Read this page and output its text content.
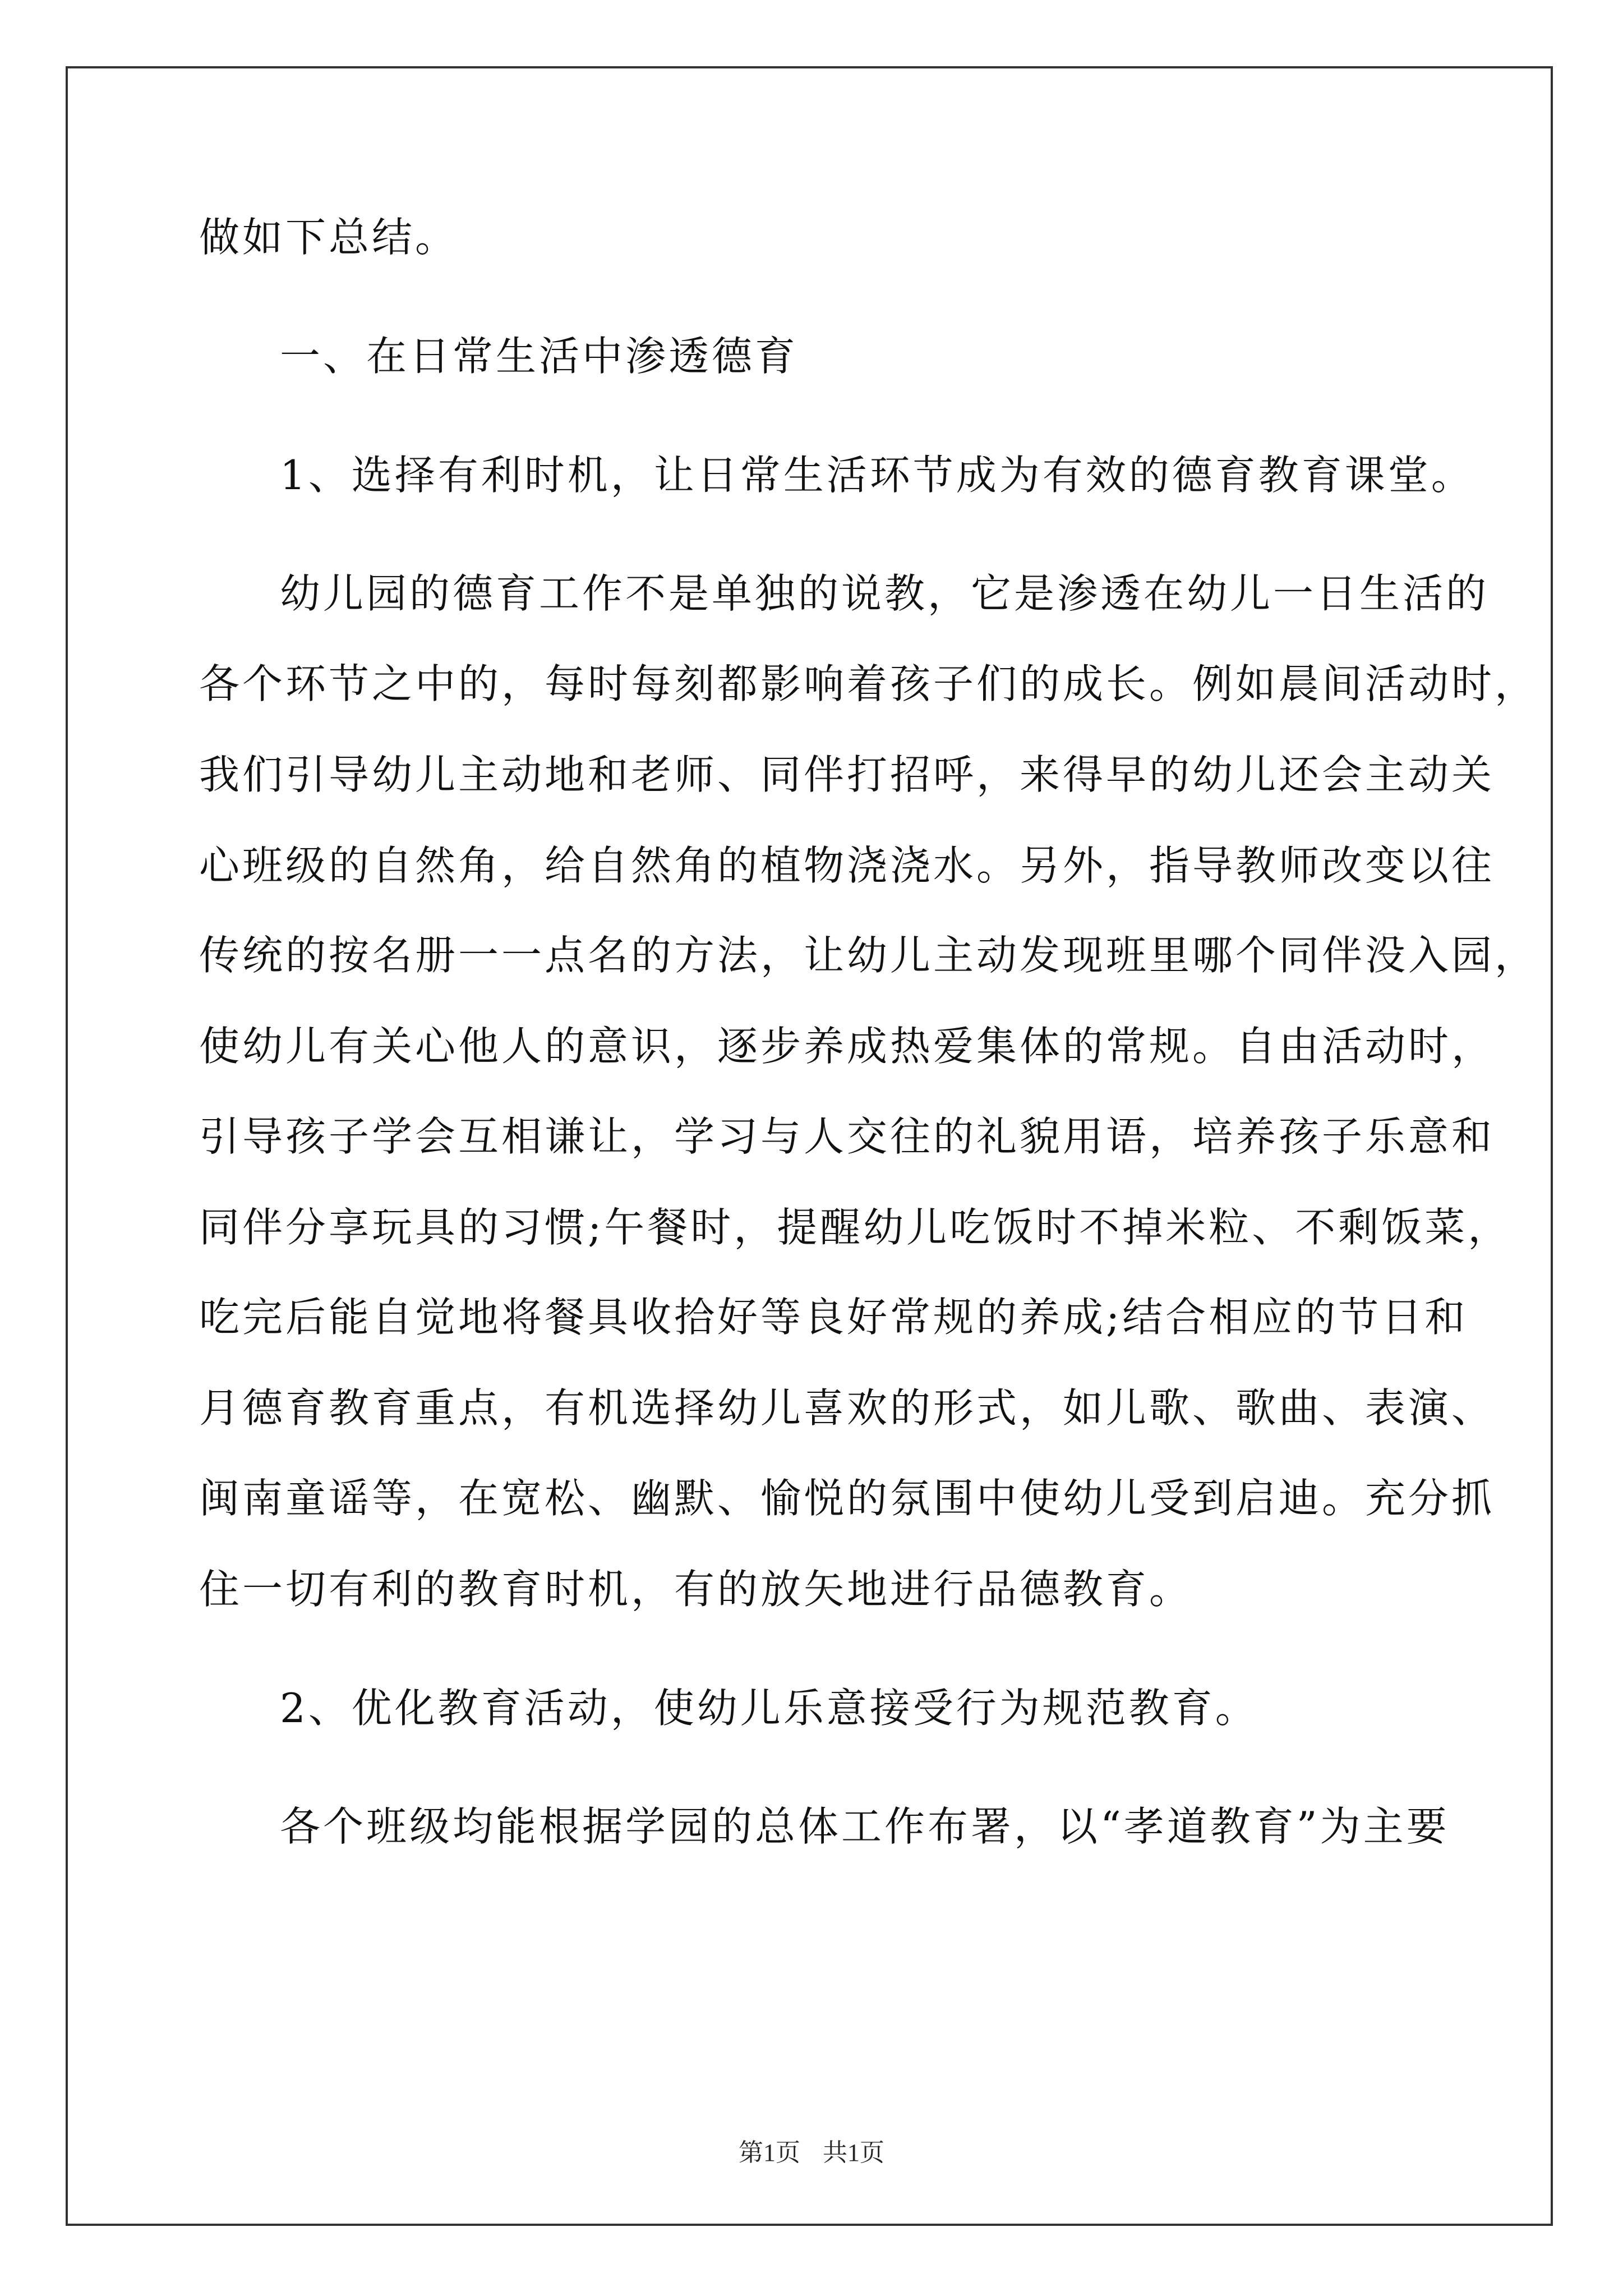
做如下总结。
一、在日常生活中渗透德育
1、选择有利时机，让日常生活环节成为有效的德育教育课堂。
幼儿园的德育工作不是单独的说教，它是渗透在幼儿一日生活的
各个环节之中的，每时每刻都影响着孩子们的成长。例如晨间活动时，
我们引导幼儿主动地和老师、同伴打招呼，来得早的幼儿还会主动关
心班级的自然角，给自然角的植物浇浇水。另外，指导教师改变以往
传统的按名册一一点名的方法，让幼儿主动发现班里哪个同伴没入园，
使幼儿有关心他人的意识，逐步养成热爱集体的常规。自由活动时，
引导孩子学会互相谦让，学习与人交往的礼貌用语，培养孩子乐意和
同伴分享玩具的习惯;午餐时，提醒幼儿吃饭时不掉米粒、不剩饭菜，
吃完后能自觉地将餐具收拾好等良好常规的养成;结合相应的节日和
月德育教育重点，有机选择幼儿喜欢的形式，如儿歌、歌曲、表演、
闽南童谣等，在宽松、幽默、愉悦的氛围中使幼儿受到启迪。充分抓
住一切有利的教育时机，有的放矢地进行品德教育。
2、优化教育活动，使幼儿乐意接受行为规范教育。
各个班级均能根据学园的总体工作布署，以“孝道教育”为主要
第1页 共1页
